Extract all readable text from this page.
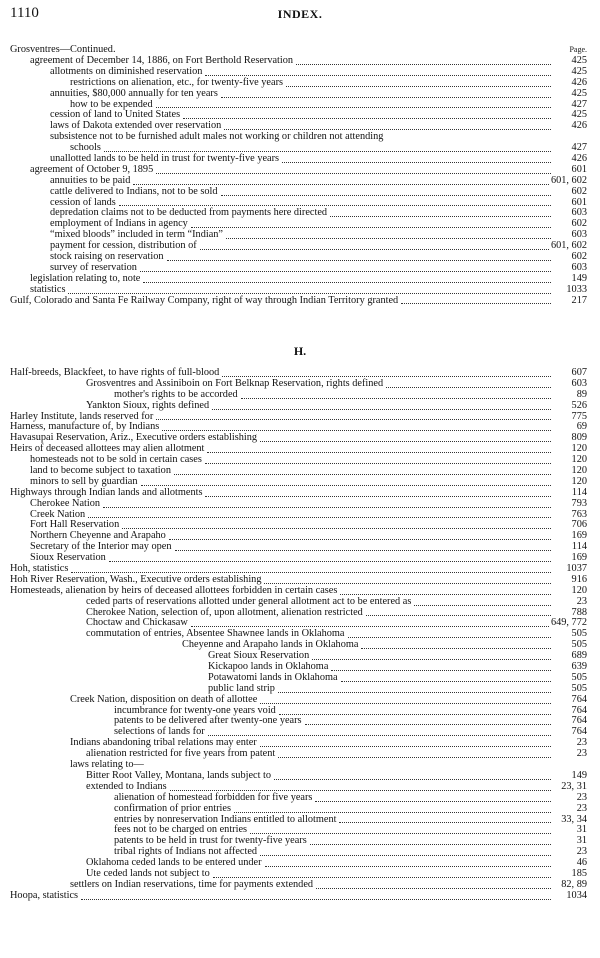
1110	INDEX.
Grosventres—Continued.	Page.
agreement of December 14, 1886, on Fort Berthold Reservation	425
allotments on diminished reservation	425
restrictions on alienation, etc., for twenty-five years	426
annuities, $80,000 annually for ten years	425
how to be expended	427
cession of land to United States	425
laws of Dakota extended over reservation	426
subsistence not to be furnished adult males not working or children not attending
schools	427
unallotted lands to be held in trust for twenty-five years	426
agreement of October 9, 1895	601
annuities to be paid	601, 602
cattle delivered to Indians, not to be sold	602
cession of lands	601
depredation claims not to be deducted from payments here directed	603
employment of Indians in agency	602
“mixed bloods” included in term “Indian”	603
payment for cession, distribution of	601, 602
stock raising on reservation	602
survey of reservation	603
legislation relating to, note	149
statistics	1033
Gulf, Colorado and Santa Fe Railway Company, right of way through Indian Territory granted	217
H.
Half-breeds, Blackfeet, to have rights of full-blood	607
Grosventres and Assiniboin on Fort Belknap Reservation, rights defined	603
mother's rights to be accorded	89
Yankton Sioux, rights defined	526
Harley Institute, lands reserved for	775
Harness, manufacture of, by Indians	69
Havasupai Reservation, Ariz., Executive orders establishing	809
Heirs of deceased allottees may alien allotment	120
homesteads not to be sold in certain cases	120
land to become subject to taxation	120
minors to sell by guardian	120
Highways through Indian lands and allotments	114
Cherokee Nation	793
Creek Nation	763
Fort Hall Reservation	706
Northern Cheyenne and Arapaho	169
Secretary of the Interior may open	114
Sioux Reservation	169
Hoh, statistics	1037
Hoh River Reservation, Wash., Executive orders establishing	916
Homesteads, alienation by heirs of deceased allottees forbidden in certain cases	120
ceded parts of reservations allotted under general allotment act to be entered as	23
Cherokee Nation, selection of, upon allotment, alienation restricted	788
Choctaw and Chickasaw	649, 772
commutation of entries, Absentee Shawnee lands in Oklahoma	505
Cheyenne and Arapaho lands in Oklahoma	505
Great Sioux Reservation	689
Kickapoo lands in Oklahoma	639
Potawatomi lands in Oklahoma	505
public land strip	505
Creek Nation, disposition on death of allottee	764
incumbrance for twenty-one years void	764
patents to be delivered after twenty-one years	764
selections of lands for	764
Indians abandoning tribal relations may enter	23
alienation restricted for five years from patent	23
laws relating to—
Bitter Root Valley, Montana, lands subject to	149
extended to Indians	23, 31
alienation of homestead forbidden for five years	23
confirmation of prior entries	23
entries by nonreservation Indians entitled to allotment	33, 34
fees not to be charged on entries	31
patents to be held in trust for twenty-five years	31
tribal rights of Indians not affected	23
Oklahoma ceded lands to be entered under	46
Ute ceded lands not subject to	185
settlers on Indian reservations, time for payments extended	82, 89
Hoopa, statistics	1034
